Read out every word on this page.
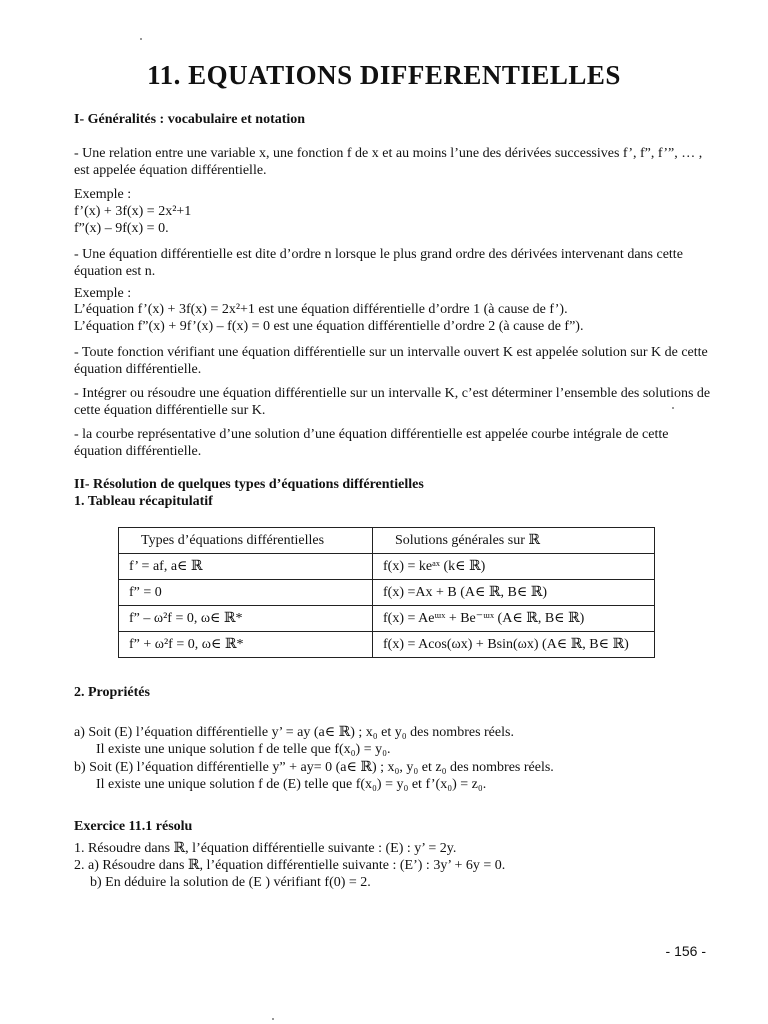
11. EQUATIONS DIFFERENTIELLES
I- Généralités : vocabulaire et notation
- Une relation entre une variable x, une fonction f de x et au moins l’une des dérivées successives f’, f”, f’”, … , est appelée équation différentielle.
Exemple :
f’(x) + 3f(x) = 2x²+1
f”(x) – 9f(x) = 0.
- Une équation différentielle est dite d’ordre n lorsque le plus grand ordre des dérivées intervenant dans cette équation est n.
Exemple :
L’équation f’(x) + 3f(x) = 2x²+1 est une équation différentielle d’ordre 1 (à cause de f’).
L’équation f”(x) + 9f’(x) – f(x) = 0 est une équation différentielle d’ordre 2 (à cause de f”).
- Toute fonction vérifiant une équation différentielle sur un intervalle ouvert K est appelée solution sur K de cette équation différentielle.
- Intégrer ou résoudre une équation différentielle sur un intervalle K, c’est déterminer l’ensemble des solutions de cette équation différentielle sur K.
- la courbe représentative d’une solution d’une équation différentielle est appelée courbe intégrale de cette équation différentielle.
II- Résolution de quelques types d’équations différentielles
1. Tableau récapitulatif
Types d’équations différentielles	Solutions générales sur ℝ
f’ = af, a∈ ℝ	f(x) = keᵃˣ (k∈ ℝ)
f” = 0	f(x) =Ax + B (A∈ ℝ, B∈ ℝ)
f” – ω²f = 0, ω∈ ℝ*	f(x) = Aeᵚˣ + Be⁻ᵚˣ (A∈ ℝ, B∈ ℝ)
f” + ω²f = 0, ω∈ ℝ*	f(x) = Acos(ωx) + Bsin(ωx) (A∈ ℝ, B∈ ℝ)
2. Propriétés
a) Soit (E) l’équation différentielle y’ = ay (a∈ ℝ) ; x₀ et y₀ des nombres réels.
Il existe une unique solution f de telle que f(x₀) = y₀.
b) Soit (E) l’équation différentielle y” + ay= 0 (a∈ ℝ) ; x₀, y₀ et z₀ des nombres réels.
Il existe une unique solution f de (E) telle que f(x₀) = y₀ et f’(x₀) = z₀.
Exercice 11.1 résolu
1. Résoudre dans ℝ, l’équation différentielle suivante : (E) : y’ = 2y.
2. a) Résoudre dans ℝ, l’équation différentielle suivante : (E’) : 3y’ + 6y = 0.
b) En déduire la solution de (E ) vérifiant f(0) = 2.
- 156 -
